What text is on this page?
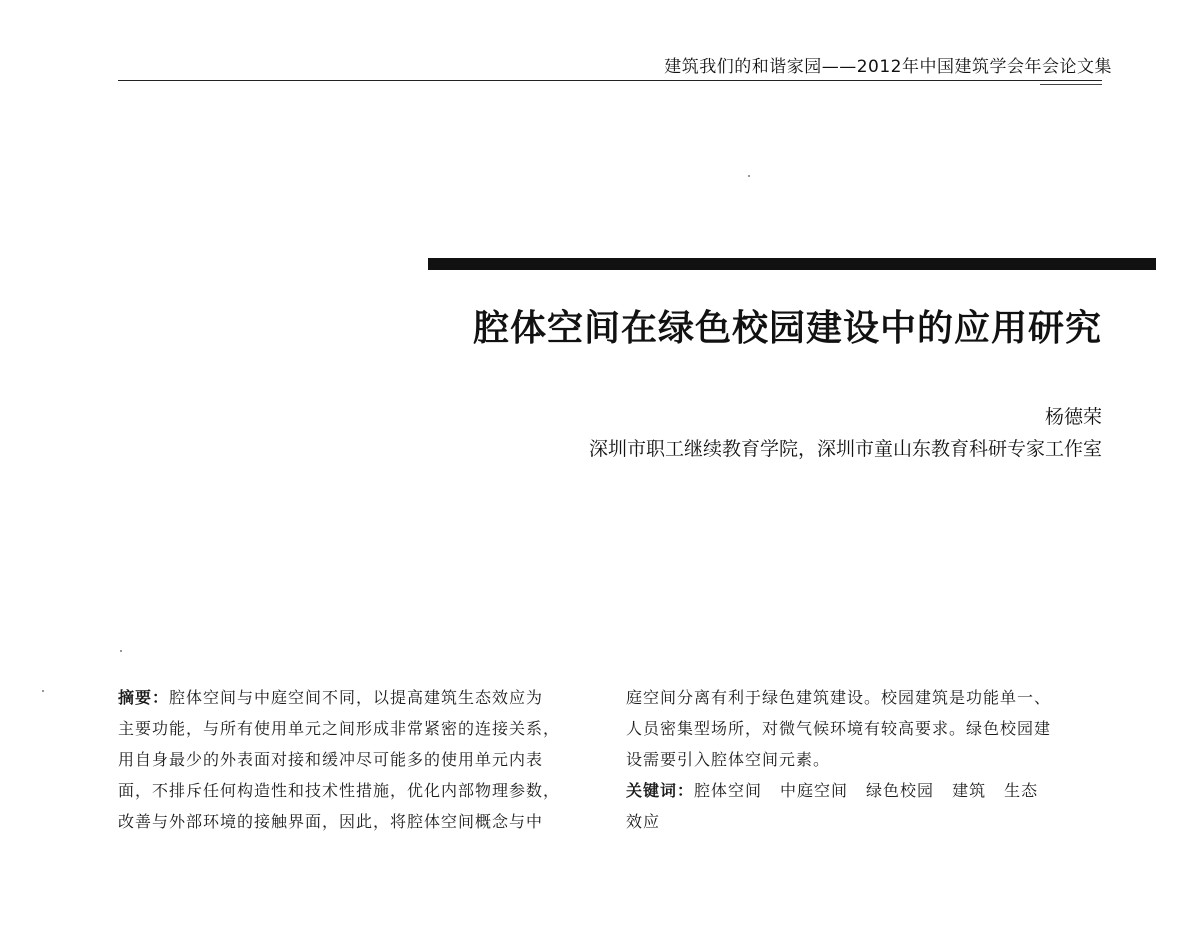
建筑我们的和谐家园——2012年中国建筑学会年会论文集
腔体空间在绿色校园建设中的应用研究
杨德荣
深圳市职工继续教育学院，深圳市童山东教育科研专家工作室
摘要：腔体空间与中庭空间不同，以提高建筑生态效应为
主要功能，与所有使用单元之间形成非常紧密的连接关系，
用自身最少的外表面对接和缓冲尽可能多的使用单元内表
面，不排斥任何构造性和技术性措施，优化内部物理参数，
改善与外部环境的接触界面，因此，将腔体空间概念与中
庭空间分离有利于绿色建筑建设。校园建筑是功能单一、
人员密集型场所，对微气候环境有较高要求。绿色校园建
设需要引入腔体空间元素。
关键词：腔体空间 中庭空间 绿色校园 建筑 生态
效应
